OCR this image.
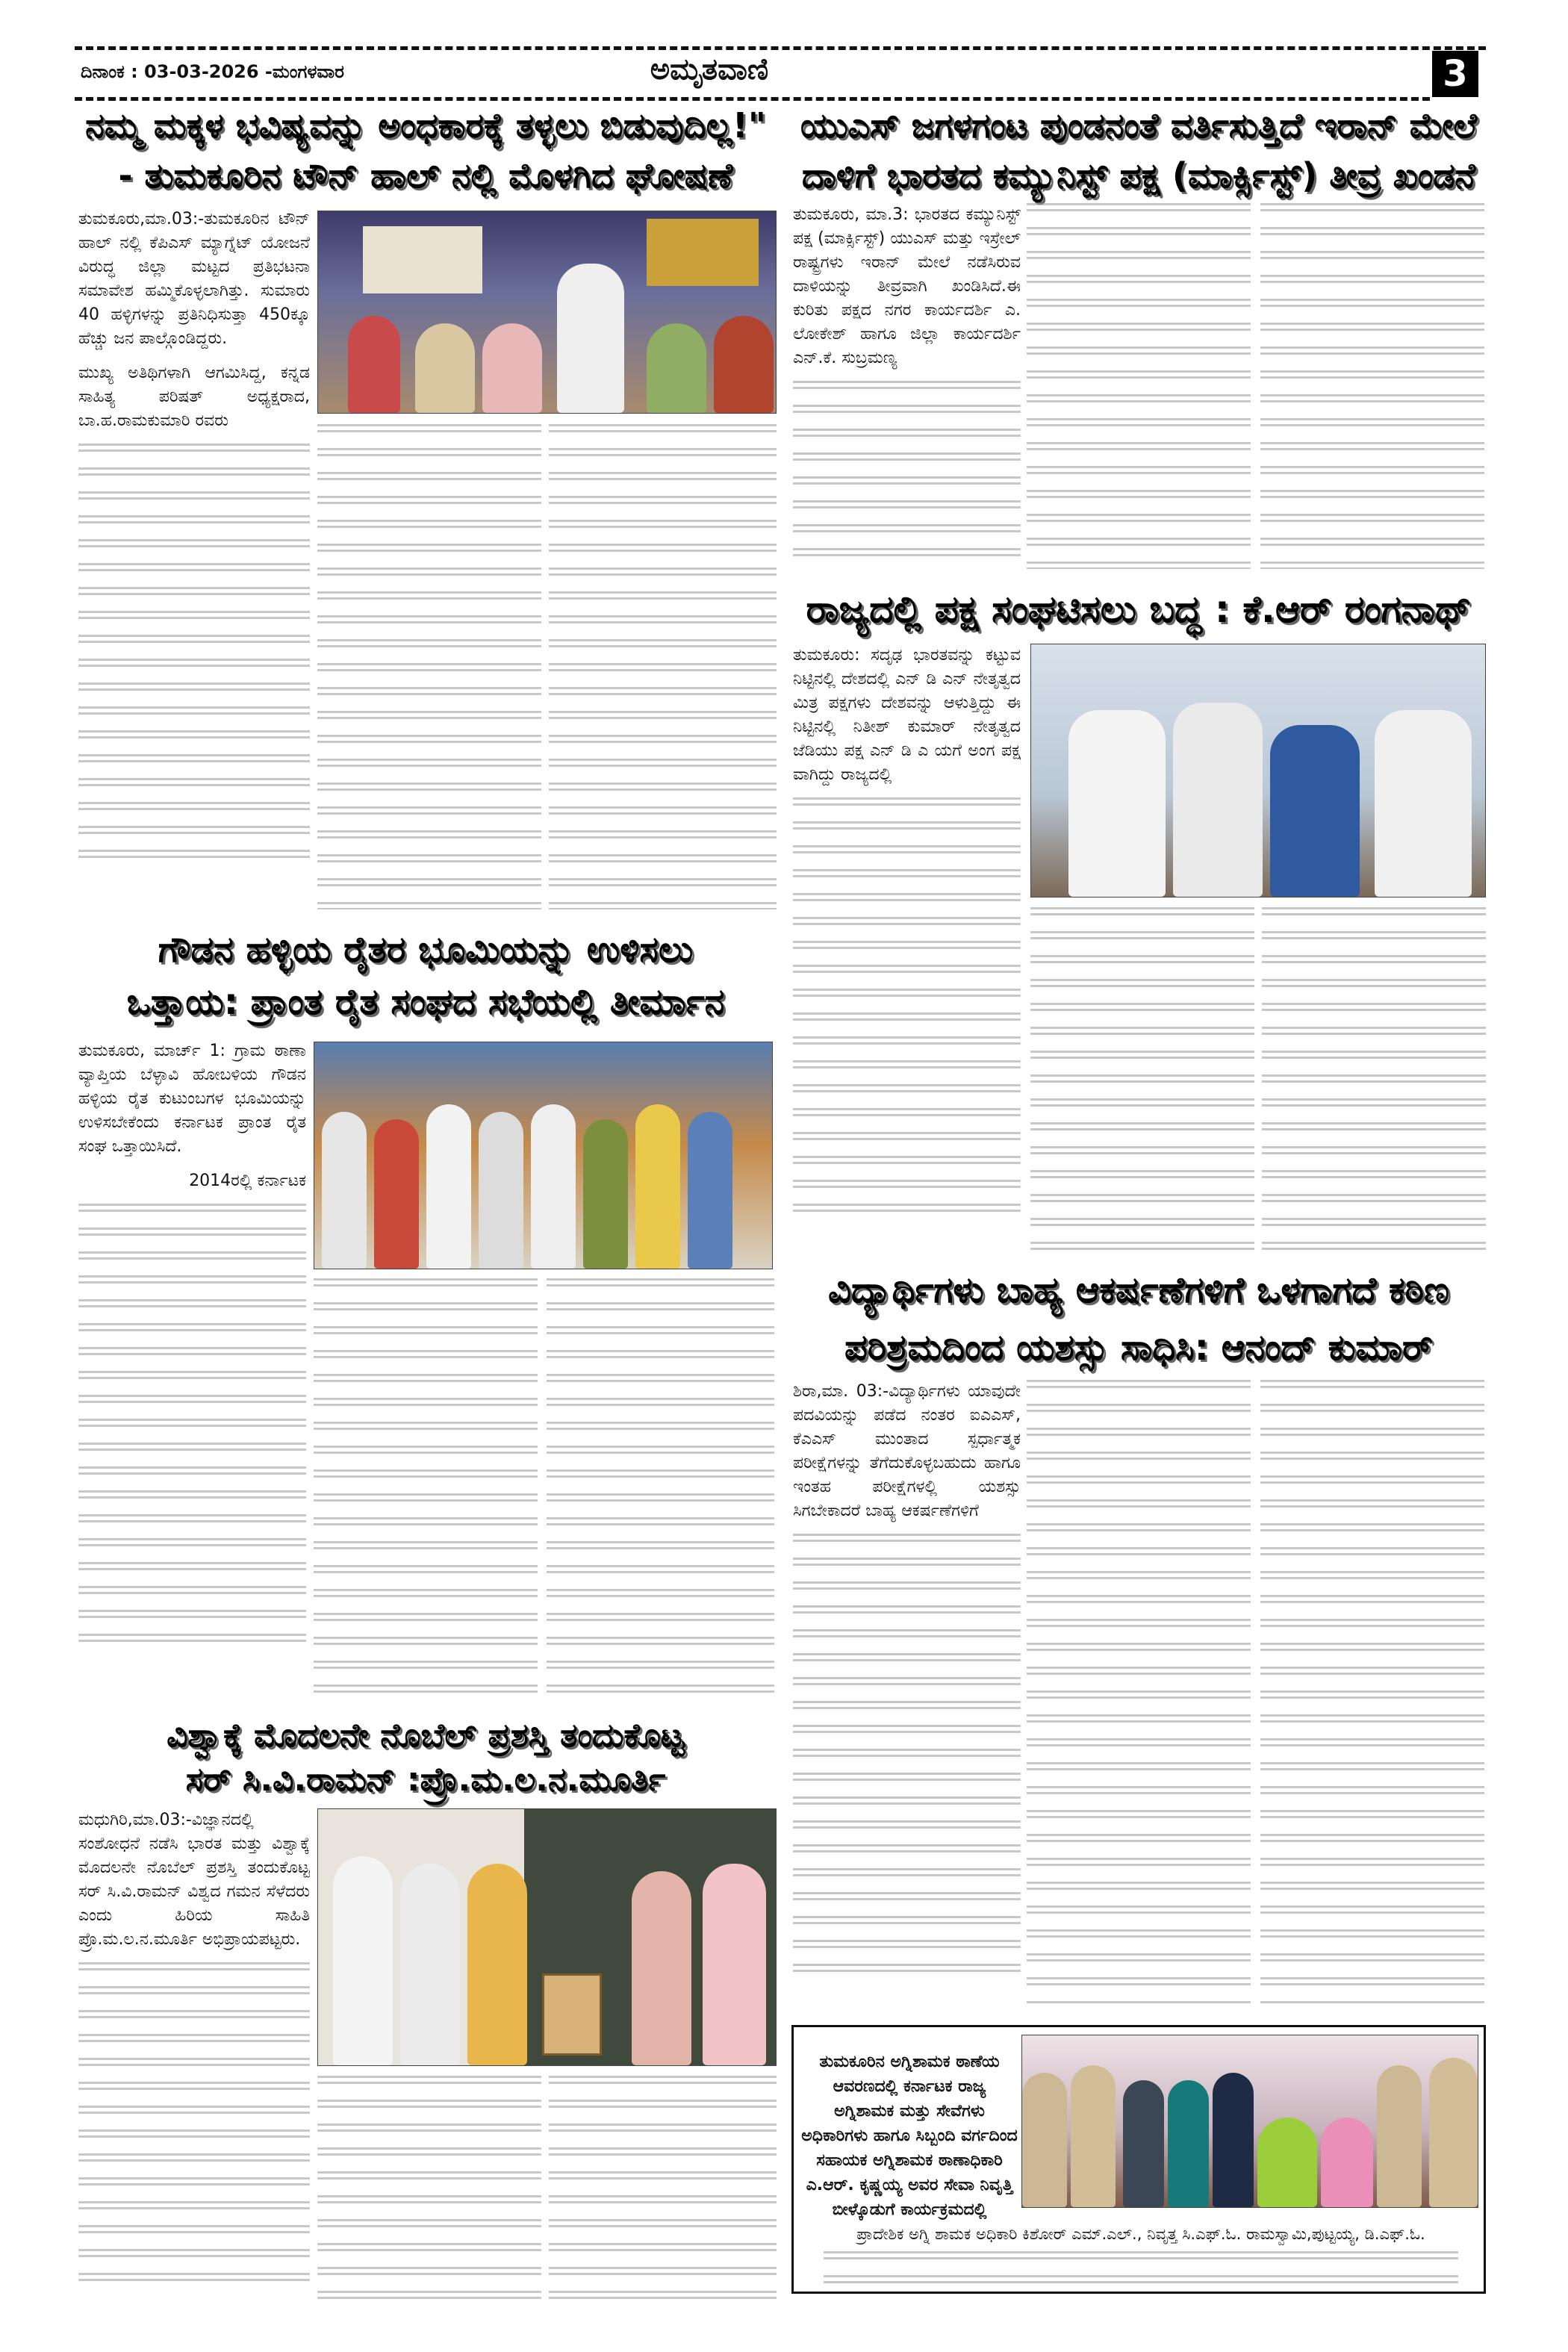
ದಿನಾಂಕ : 03-03-2026 -ಮಂಗಳವಾರ	ಅಮೃತವಾಣಿ	3
ನಮ್ಮ ಮಕ್ಕಳ ಭವಿಷ್ಯವನ್ನು ಅಂಧಕಾರಕ್ಕೆ ತಳ್ಳಲು ಬಿಡುವುದಿಲ್ಲ!"
- ತುಮಕೂರಿನ ಟೌನ್ ಹಾಲ್ ನಲ್ಲಿ ಮೊಳಗಿದ ಘೋಷಣೆ

ತುಮಕೂರು,ಮಾ.03:-ತುಮಕೂರಿನ ಟೌನ್ ಹಾಲ್ ನಲ್ಲಿ ಕೆಪಿಎಸ್ ಮ್ಯಾಗ್ನೆಟ್ ಯೋಜನೆ ವಿರುದ್ಧ ಜಿಲ್ಲಾ ಮಟ್ಟದ ಪ್ರತಿಭಟನಾ ಸಮಾವೇಶ ಹಮ್ಮಿಕೊಳ್ಳಲಾಗಿತ್ತು. ಸುಮಾರು 40 ಹಳ್ಳಿಗಳನ್ನು ಪ್ರತಿನಿಧಿಸುತ್ತಾ 450ಕ್ಕೂ ಹೆಚ್ಚು ಜನ ಪಾಲ್ಗೊಂಡಿದ್ದರು.

ಮುಖ್ಯ ಅತಿಥಿಗಳಾಗಿ ಆಗಮಿಸಿದ್ದ, ಕನ್ನಡ ಸಾಹಿತ್ಯ ಪರಿಷತ್ ಅಧ್ಯಕ್ಷರಾದ, ಬಾ.ಹ.ರಾಮಕುಮಾರಿ ರವರು

ಯುಎಸ್ ಜಗಳಗಂಟ ಪುಂಡನಂತೆ ವರ್ತಿಸುತ್ತಿದೆ ಇರಾನ್ ಮೇಲೆ
ದಾಳಿಗೆ ಭಾರತದ ಕಮ್ಯುನಿಸ್ಟ್ ಪಕ್ಷ (ಮಾರ್ಕ್ಸಿಸ್ಟ್) ತೀವ್ರ ಖಂಡನೆ

ತುಮಕೂರು, ಮಾ.3: ಭಾರತದ ಕಮ್ಯುನಿಸ್ಟ್ ಪಕ್ಷ (ಮಾರ್ಕ್ಸಿಸ್ಟ್) ಯುಎಸ್ ಮತ್ತು ಇಸ್ರೇಲ್ ರಾಷ್ಟ್ರಗಳು ಇರಾನ್ ಮೇಲೆ ನಡೆಸಿರುವ ದಾಳಿಯನ್ನು ತೀವ್ರವಾಗಿ ಖಂಡಿಸಿದೆ.ಈ ಕುರಿತು ಪಕ್ಷದ ನಗರ ಕಾರ್ಯದರ್ಶಿ ಎ. ಲೋಕೇಶ್ ಹಾಗೂ ಜಿಲ್ಲಾ ಕಾರ್ಯದರ್ಶಿ ಎನ್.ಕೆ. ಸುಬ್ರಮಣ್ಯ

ರಾಜ್ಯದಲ್ಲಿ ಪಕ್ಷ ಸಂಘಟಿಸಲು ಬದ್ಧ : ಕೆ.ಆರ್ ರಂಗನಾಥ್

ತುಮಕೂರು: ಸದೃಢ ಭಾರತವನ್ನು ಕಟ್ಟುವ ನಿಟ್ಟಿನಲ್ಲಿ ದೇಶದಲ್ಲಿ ಎನ್ ಡಿ ಎನ್ ನೇತೃತ್ವದ ಮಿತ್ರ ಪಕ್ಷಗಳು ದೇಶವನ್ನು ಆಳುತ್ತಿದ್ದು ಈ ನಿಟ್ಟಿನಲ್ಲಿ ನಿತೀಶ್ ಕುಮಾರ್ ನೇತೃತ್ವದ ಜೆಡಿಯು ಪಕ್ಷ ಎನ್ ಡಿ ಎ ಯಗೆ ಅಂಗ ಪಕ್ಷ ವಾಗಿದ್ದು ರಾಜ್ಯದಲ್ಲಿ

ಗೌಡನ ಹಳ್ಳಿಯ ರೈತರ ಭೂಮಿಯನ್ನು ಉಳಿಸಲು
ಒತ್ತಾಯ: ಪ್ರಾಂತ ರೈತ ಸಂಘದ ಸಭೆಯಲ್ಲಿ ತೀರ್ಮಾನ

ತುಮಕೂರು, ಮಾರ್ಚ್ 1: ಗ್ರಾಮ ಠಾಣಾ ವ್ಯಾಪ್ತಿಯ ಬೆಳ್ಳಾವಿ ಹೋಬಳಿಯ ಗೌಡನ ಹಳ್ಳಿಯ ರೈತ ಕುಟುಂಬಗಳ ಭೂಮಿಯನ್ನು ಉಳಿಸಬೇಕೆಂದು ಕರ್ನಾಟಕ ಪ್ರಾಂತ ರೈತ ಸಂಘ ಒತ್ತಾಯಿಸಿದೆ.

2014ರಲ್ಲಿ ಕರ್ನಾಟಕ

ವಿದ್ಯಾರ್ಥಿಗಳು ಬಾಹ್ಯ ಆಕರ್ಷಣೆಗಳಿಗೆ ಒಳಗಾಗದೆ ಕಠಿಣ
ಪರಿಶ್ರಮದಿಂದ ಯಶಸ್ಸು ಸಾಧಿಸಿ: ಆನಂದ್ ಕುಮಾರ್

ಶಿರಾ,ಮಾ. 03:-ವಿದ್ಯಾರ್ಥಿಗಳು ಯಾವುದೇ ಪದವಿಯನ್ನು ಪಡೆದ ನಂತರ ಐಎಎಸ್, ಕೆಎಎಸ್ ಮುಂತಾದ ಸ್ಪರ್ಧಾತ್ಮಕ ಪರೀಕ್ಷೆಗಳನ್ನು ತೆಗೆದುಕೊಳ್ಳಬಹುದು ಹಾಗೂ ಇಂತಹ ಪರೀಕ್ಷೆಗಳಲ್ಲಿ ಯಶಸ್ಸು ಸಿಗಬೇಕಾದರೆ ಬಾಹ್ಯ ಆಕರ್ಷಣೆಗಳಿಗೆ

ವಿಶ್ವಾಕ್ಕೆ ಮೊದಲನೇ ನೊಬೆಲ್ ಪ್ರಶಸ್ತಿ ತಂದುಕೊಟ್ಟ
ಸರ್ ಸಿ.ವಿ.ರಾಮನ್ :ಪ್ರೊ.ಮ.ಲ.ನ.ಮೂರ್ತಿ

ಮಧುಗಿರಿ,ಮಾ.03:-ವಿಜ್ಞಾನದಲ್ಲಿ ಸಂಶೋಧನೆ ನಡೆಸಿ ಭಾರತ ಮತ್ತು ವಿಶ್ವಾಕ್ಕೆ ಮೊದಲನೇ ನೊಬೆಲ್ ಪ್ರಶಸ್ತಿ ತಂದುಕೊಟ್ಟ ಸರ್ ಸಿ.ವಿ.ರಾಮನ್ ವಿಶ್ವದ ಗಮನ ಸೆಳೆದರು ಎಂದು ಹಿರಿಯ ಸಾಹಿತಿ ಪ್ರೊ.ಮ.ಲ.ನ.ಮೂರ್ತಿ ಅಭಿಪ್ರಾಯಪಟ್ಟರು.

ತುಮಕೂರಿನ ಅಗ್ನಿಶಾಮಕ ಠಾಣೆಯ ಆವರಣದಲ್ಲಿ ಕರ್ನಾಟಕ ರಾಜ್ಯ ಅಗ್ನಿಶಾಮಕ ಮತ್ತು ಸೇವೆಗಳು ಅಧಿಕಾರಿಗಳು ಹಾಗೂ ಸಿಬ್ಬಂದಿ ವರ್ಗದಿಂದ ಸಹಾಯಕ ಅಗ್ನಿಶಾಮಕ ಠಾಣಾಧಿಕಾರಿ ಎ.ಆರ್. ಕೃಷ್ಣಯ್ಯ ಅವರ ಸೇವಾ ನಿವೃತ್ತಿ ಬೀಳ್ಕೊಡುಗೆ ಕಾರ್ಯಕ್ರಮದಲ್ಲಿ
ಪ್ರಾದೇಶಿಕ ಅಗ್ನಿ ಶಾಮಕ ಅಧಿಕಾರಿ ಕಿಶೋರ್ ಎಮ್.ಎಲ್., ನಿವೃತ್ತ ಸಿ.ಎಫ್.ಓ. ರಾಮಸ್ವಾಮಿ,ಪುಟ್ಟಯ್ಯ, ಡಿ.ಎಫ್.ಓ.
